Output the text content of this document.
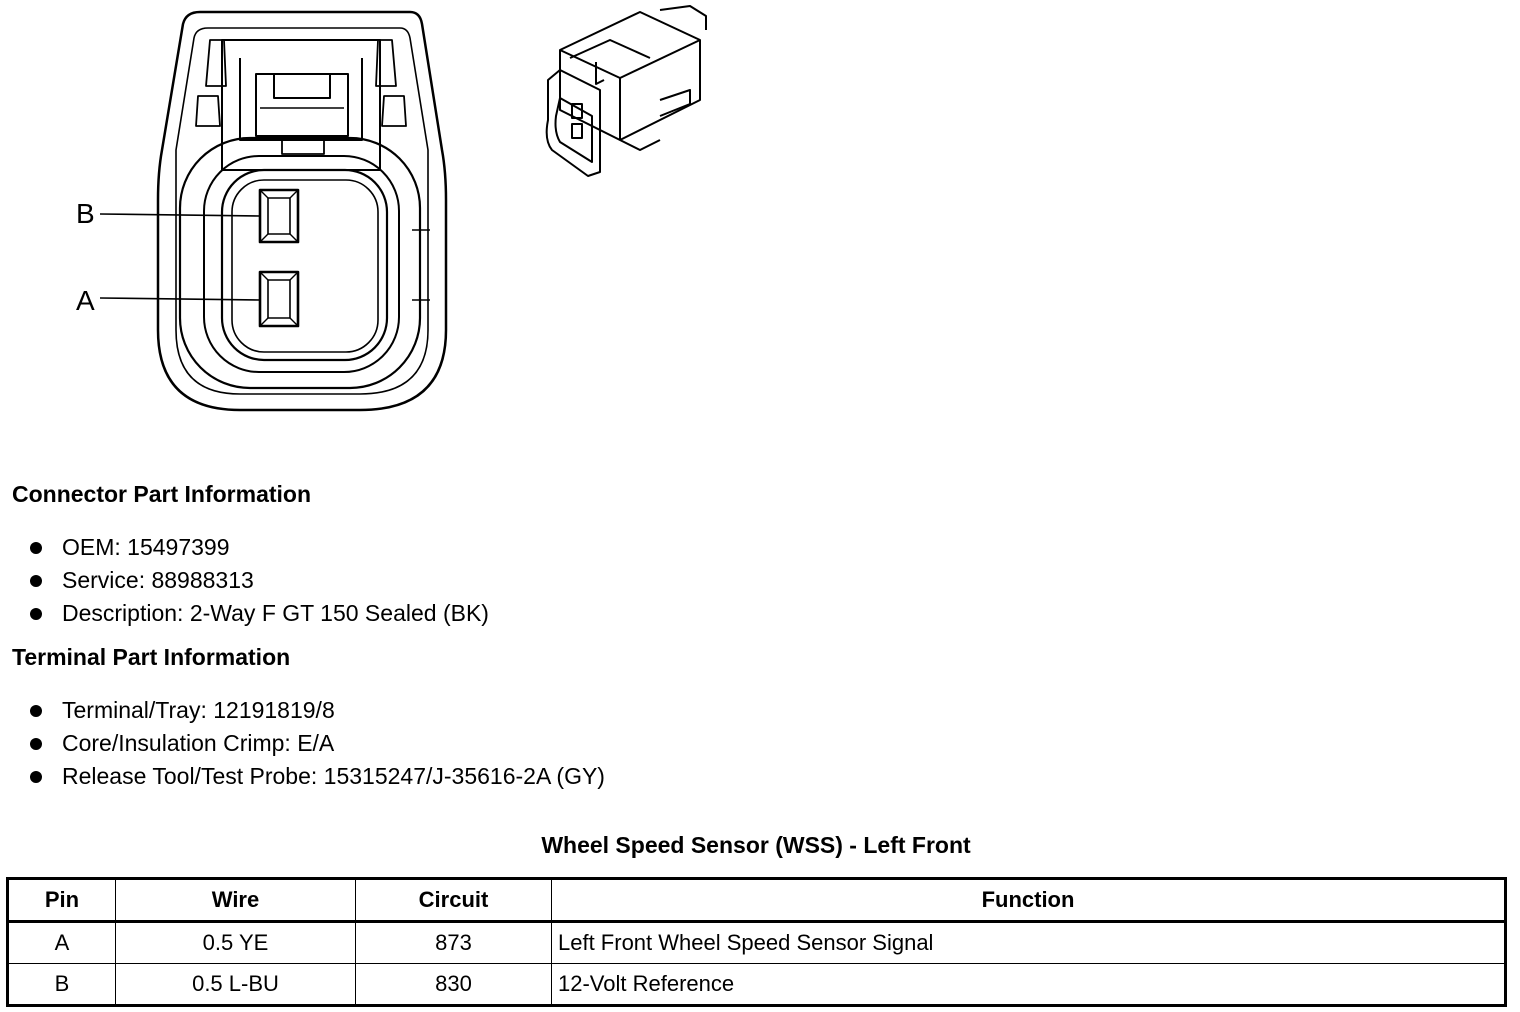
B
A
Connector Part Information
OEM: 15497399
Service: 88988313
Description: 2-Way F GT 150 Sealed (BK)
Terminal Part Information
Terminal/Tray: 12191819/8
Core/Insulation Crimp: E/A
Release Tool/Test Probe: 15315247/J-35616-2A (GY)
Wheel Speed Sensor (WSS) - Left Front
Pin	Wire	Circuit	Function
A	0.5 YE	873	Left Front Wheel Speed Sensor Signal
B	0.5 L-BU	830	12-Volt Reference
